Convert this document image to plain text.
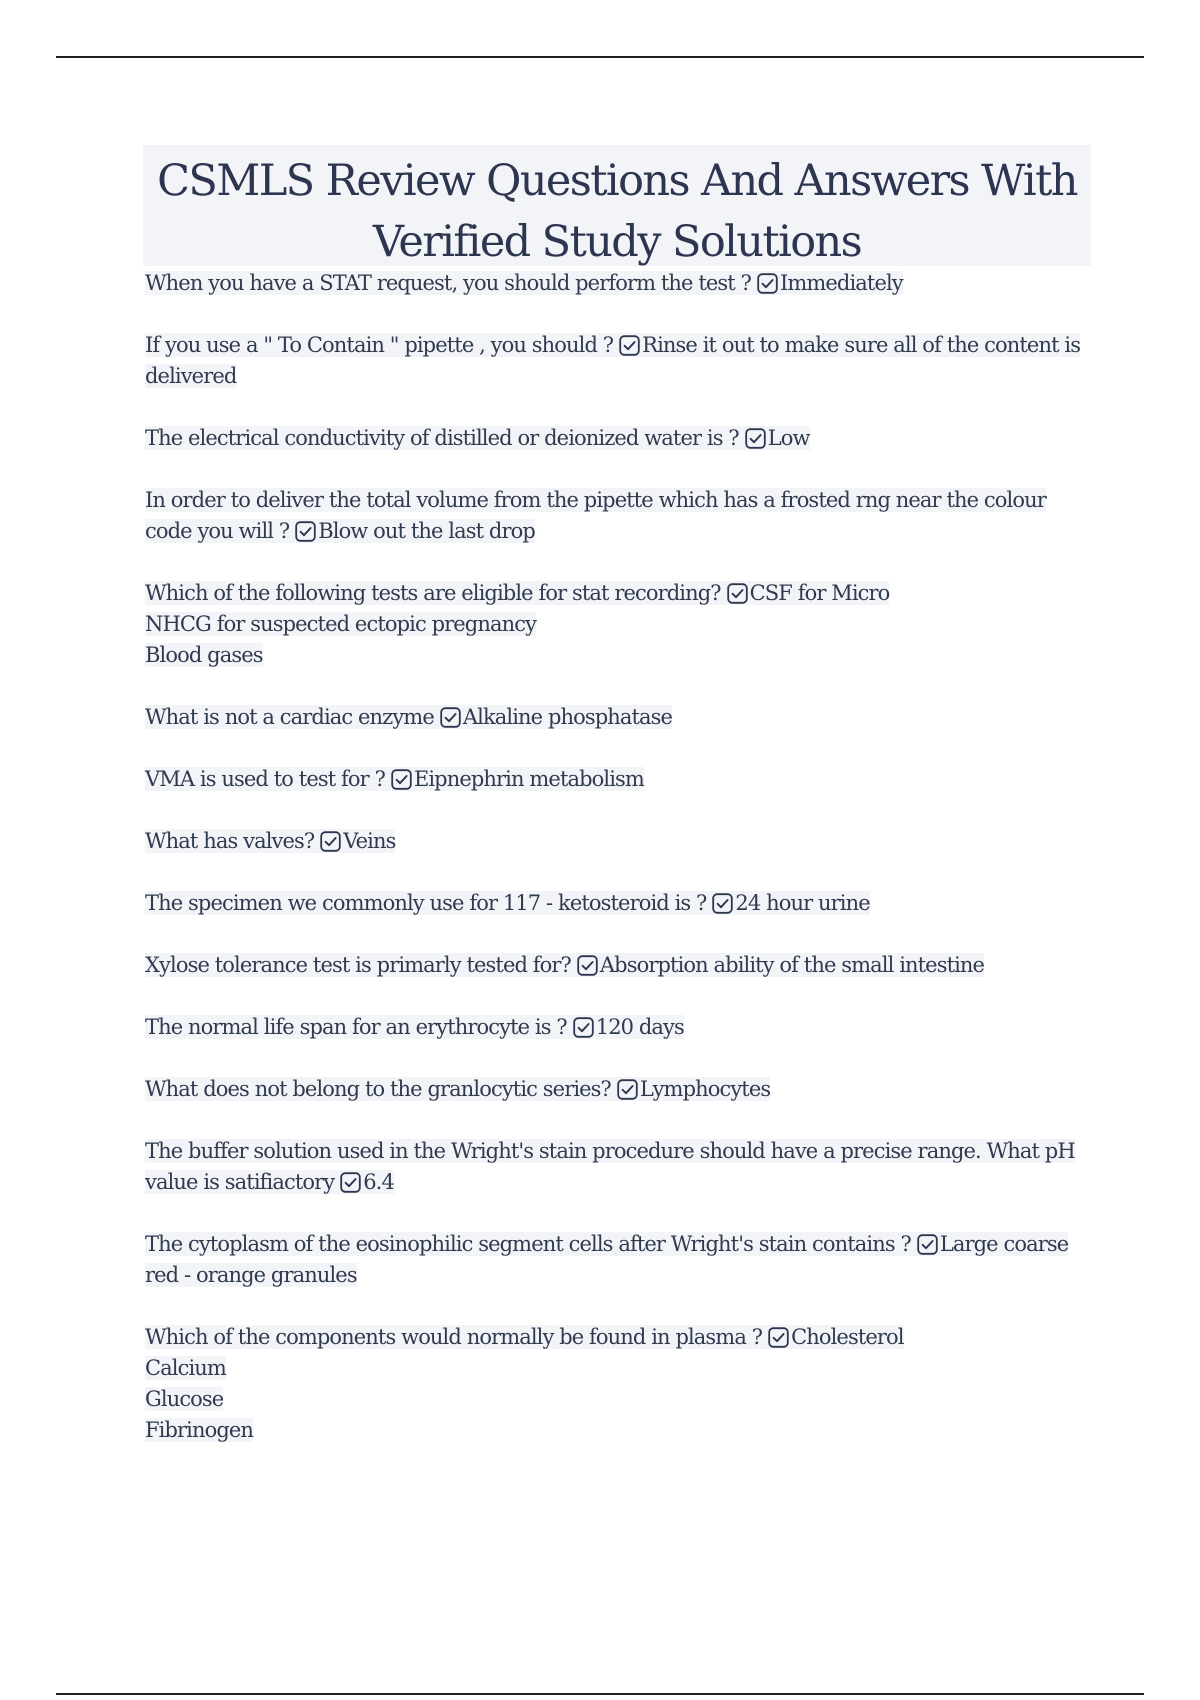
CSMLS Review Questions And Answers With Verified Study Solutions

When you have a STAT request, you should perform the test ? Immediately

If you use a " To Contain " pipette , you should ? Rinse it out to make sure all of the content is delivered

The electrical conductivity of distilled or deionized water is ? Low

In order to deliver the total volume from the pipette which has a frosted rng near the colour code you will ? Blow out the last drop

Which of the following tests are eligible for stat recording? CSF for Micro
NHCG for suspected ectopic pregnancy
Blood gases

What is not a cardiac enzyme Alkaline phosphatase

VMA is used to test for ? Eipnephrin metabolism

What has valves? Veins

The specimen we commonly use for 117 - ketosteroid is ? 24 hour urine

Xylose tolerance test is primarly tested for? Absorption ability of the small intestine

The normal life span for an erythrocyte is ? 120 days

What does not belong to the granlocytic series? Lymphocytes

The buffer solution used in the Wright's stain procedure should have a precise range. What pH value is satifiactory 6.4

The cytoplasm of the eosinophilic segment cells after Wright's stain contains ? Large coarse red - orange granules

Which of the components would normally be found in plasma ? Cholesterol
Calcium
Glucose
Fibrinogen
